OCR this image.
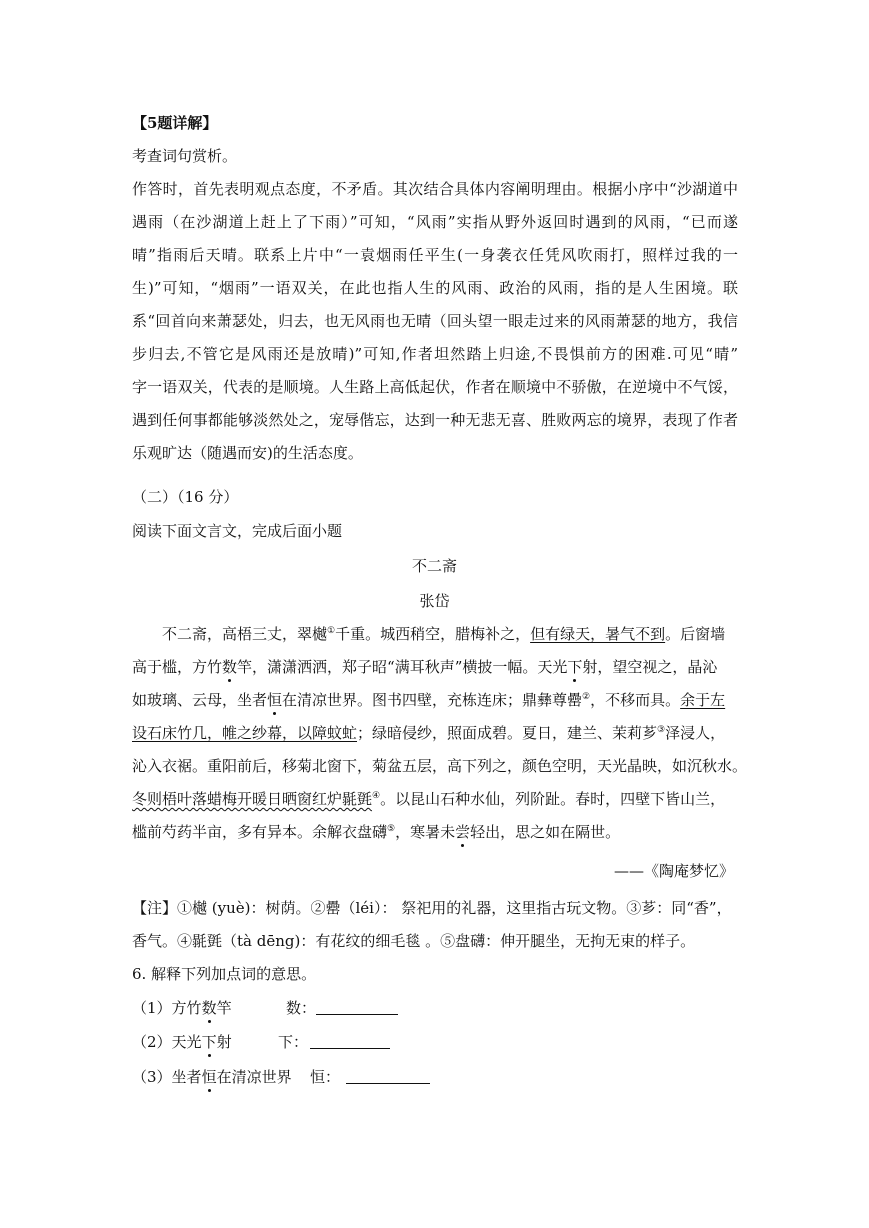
【5题详解】
考查词句赏析。
作答时，首先表明观点态度，不矛盾。其次结合具体内容阐明理由。根据小序中“沙湖道中
遇雨（在沙湖道上赶上了下雨）”可知，“风雨”实指从野外返回时遇到的风雨，“已而遂
晴”指雨后天晴。联系上片中“一袁烟雨任平生(一身袭衣任凭风吹雨打，照样过我的一
生)”可知，“烟雨”一语双关，在此也指人生的风雨、政治的风雨，指的是人生困境。联
系“回首向来萧瑟处，归去，也无风雨也无晴（回头望一眼走过来的风雨萧瑟的地方，我信
步归去,不管它是风雨还是放晴)”可知,作者坦然踏上归途,不畏惧前方的困难.可见“晴”
字一语双关，代表的是顺境。人生路上高低起伏，作者在顺境中不骄傲，在逆境中不气馁，
遇到任何事都能够淡然处之，宠辱偕忘，达到一种无悲无喜、胜败两忘的境界，表现了作者
乐观旷达（随遇而安)的生活态度。
（二）（16 分）
阅读下面文言文，完成后面小题
不二斋
张岱
不二斋，高梧三丈，翠樾①千重。城西稍空，腊梅补之，但有绿天，暑气不到。后窗墙
高于槛，方竹数竿，潇潇洒洒，郑子昭“满耳秋声”横披一幅。天光下射，望空视之，晶沁
如玻璃、云母，坐者恒在清凉世界。图书四壁，充栋连床；鼎彝尊罍②，不移而具。余于左
设石床竹几，帷之纱幕，以障蚊虻；绿暗侵纱，照面成碧。夏日，建兰、茉莉芗③泽浸人，
沁入衣裾。重阳前后，移菊北窗下，菊盆五层，高下列之，颜色空明，天光晶映，如沉秋水。
冬则梧叶落蜡梅开暖日晒窗红炉毾㲪④。以昆山石种水仙，列阶趾。春时，四壁下皆山兰，
槛前芍药半亩，多有异本。余解衣盘礴⑤，寒暑未尝轻出，思之如在隔世。
——《陶庵梦忆》
【注】①樾 (yuè)：树荫。②罍（léi）： 祭祀用的礼器，这里指古玩文物。③芗：同“香”，
香气。④毾㲪（tà dēng)：有花纹的细毛毯 。⑤盘礴：伸开腿坐，无拘无束的样子。
6. 解释下列加点词的意思。
（1）方竹数竿	数：
（2）天光下射	下：
（3）坐者恒在清凉世界 恒：
